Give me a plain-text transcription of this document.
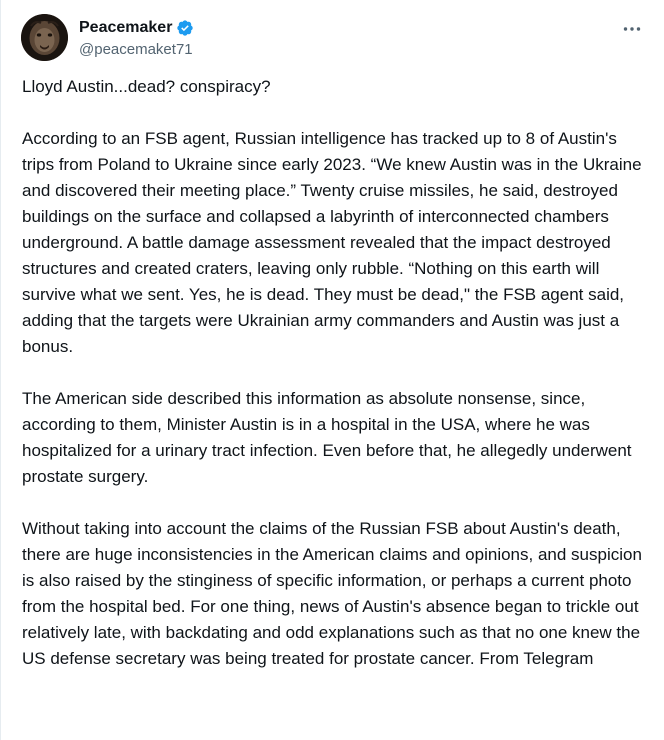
Peacemaker
@peacemaket71

Lloyd Austin...dead? conspiracy?

According to an FSB agent, Russian intelligence has tracked up to 8 of Austin's trips from Poland to Ukraine since early 2023. “We knew Austin was in the Ukraine and discovered their meeting place.” Twenty cruise missiles, he said, destroyed buildings on the surface and collapsed a labyrinth of interconnected chambers underground. A battle damage assessment revealed that the impact destroyed structures and created craters, leaving only rubble. “Nothing on this earth will survive what we sent. Yes, he is dead. They must be dead," the FSB agent said, adding that the targets were Ukrainian army commanders and Austin was just a bonus.

The American side described this information as absolute nonsense, since, according to them, Minister Austin is in a hospital in the USA, where he was hospitalized for a urinary tract infection. Even before that, he allegedly underwent prostate surgery.

Without taking into account the claims of the Russian FSB about Austin's death, there are huge inconsistencies in the American claims and opinions, and suspicion is also raised by the stinginess of specific information, or perhaps a current photo from the hospital bed. For one thing, news of Austin's absence began to trickle out relatively late, with backdating and odd explanations such as that no one knew the US defense secretary was being treated for prostate cancer. From Telegram
